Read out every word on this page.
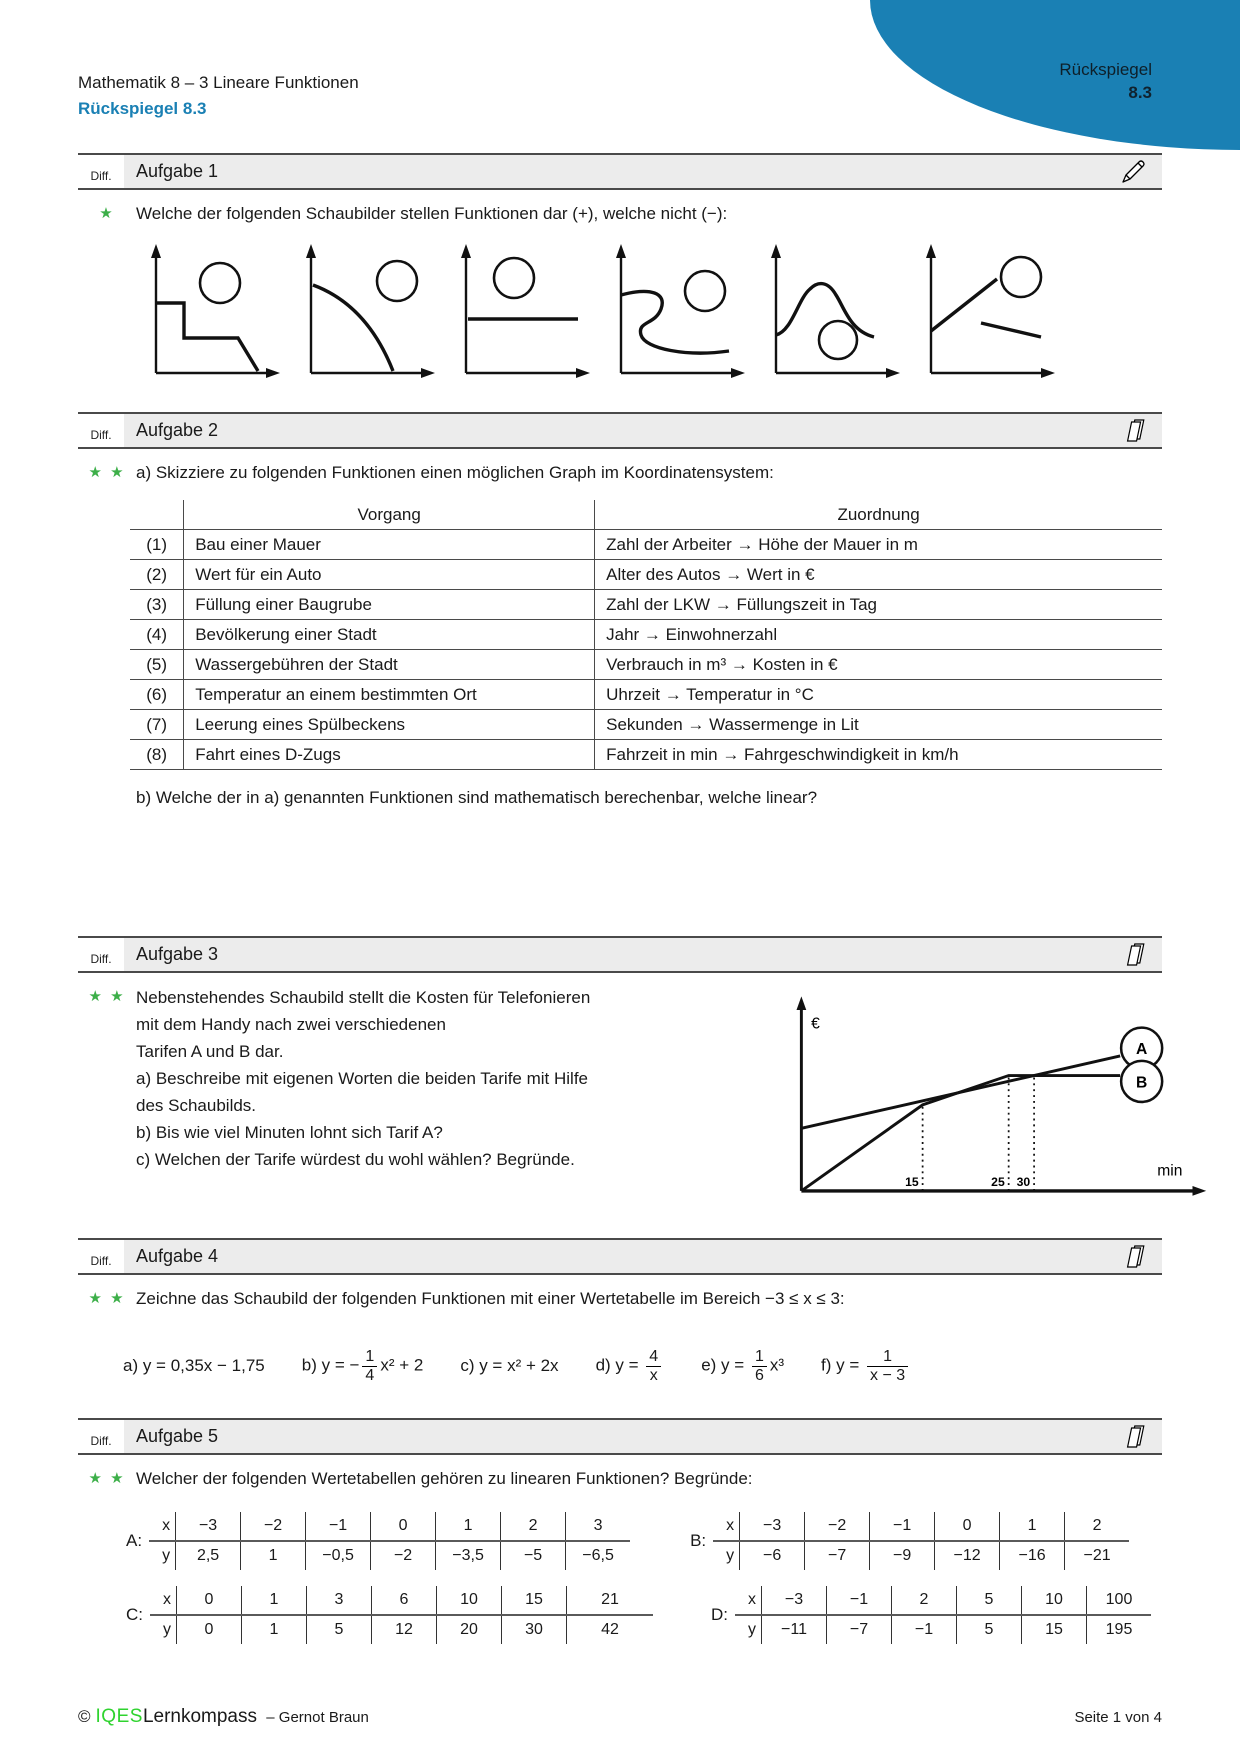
Rückspiegel
8.3
Mathematik 8 – 3 Lineare Funktionen
Rückspiegel 8.3
Diff.	Aufgabe 1
★	Welche der folgenden Schaubilder stellen Funktionen dar (+), welche nicht (−):
Diff.	Aufgabe 2
★ ★ a) Skizziere zu folgenden Funktionen einen möglichen Graph im Koordinatensystem:
	Vorgang	Zuordnung
(1)	Bau einer Mauer	Zahl der Arbeiter → Höhe der Mauer in m
(2)	Wert für ein Auto	Alter des Autos → Wert in €
(3)	Füllung einer Baugrube	Zahl der LKW → Füllungszeit in Tag
(4)	Bevölkerung einer Stadt	Jahr → Einwohnerzahl
(5)	Wassergebühren der Stadt	Verbrauch in m³ → Kosten in €
(6)	Temperatur an einem bestimmten Ort	Uhrzeit → Temperatur in °C
(7)	Leerung eines Spülbeckens	Sekunden → Wassermenge in Lit
(8)	Fahrt eines D-Zugs	Fahrzeit in min → Fahrgeschwindigkeit in km/h
b) Welche der in a) genannten Funktionen sind mathematisch berechenbar, welche linear?
Diff.	Aufgabe 3
★ ★ Nebenstehendes Schaubild stellt die Kosten für Telefonieren
mit dem Handy nach zwei verschiedenen
Tarifen A und B dar.
a) Beschreibe mit eigenen Worten die beiden Tarife mit Hilfe
des Schaubilds.
b) Bis wie viel Minuten lohnt sich Tarif A?
c) Welchen der Tarife würdest du wohl wählen? Begründe.
€
min
15	25 30
A
B
Diff.	Aufgabe 4
★ ★ Zeichne das Schaubild der folgenden Funktionen mit einer Wertetabelle im Bereich −3 ≤ x ≤ 3:
a) y = 0,35x − 1,75 b) y = − $\frac{1}{4} x^2 + 2$ c) y = x² + 2x d) $y = \frac{4}{x} e$) $y = \frac{1}{6} x^3$ f) $y = \frac{1}{x - 3}$
Diff.	Aufgabe 5
★ ★ Welcher der folgenden Wertetabellen gehören zu linearen Funktionen? Begründe:
A:
x	−3	−2	−1	0	1	2	3
y	2,5	1	−0,5	−2	−3,5	−5	−6,5
B:
x	−3	−2	−1	0	1	2
y	−6	−7	−9	−12	−16	−21
C:
x	0	1	3	6	10	15	21
y	0	1	5	12	20	30	42
D:
x	−3	−1	2	5	10	100
y	−11	−7	−1	5	15	195
© IQESLernkompass – Gernot Braun	Seite 1 von 4
